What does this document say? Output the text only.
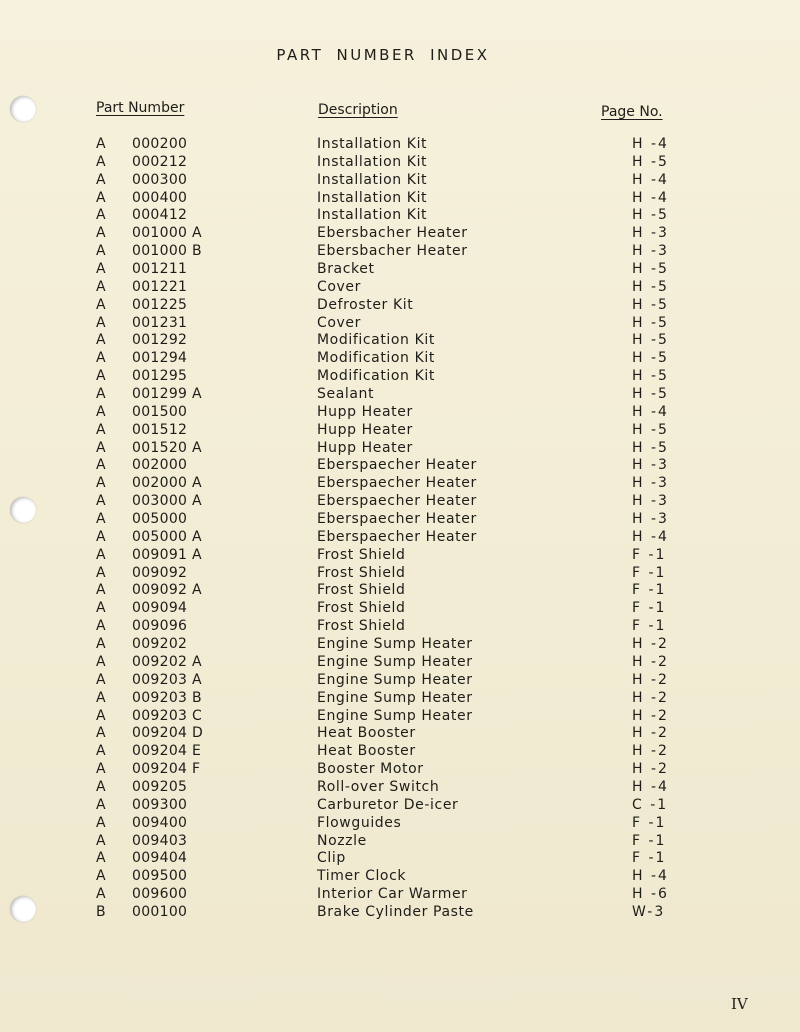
PART NUMBER INDEX
Part Number	Description	Page No.
A 000200	Installation Kit	H -4
A 000212	Installation Kit	H -5
A 000300	Installation Kit	H -4
A 000400	Installation Kit	H -4
A 000412	Installation Kit	H -5
A 001000 A	Ebersbacher Heater	H -3
A 001000 B	Ebersbacher Heater	H -3
A 001211	Bracket	H -5
A 001221	Cover	H -5
A 001225	Defroster Kit	H -5
A 001231	Cover	H -5
A 001292	Modification Kit	H -5
A 001294	Modification Kit	H -5
A 001295	Modification Kit	H -5
A 001299 A	Sealant	H -5
A 001500	Hupp Heater	H -4
A 001512	Hupp Heater	H -5
A 001520 A	Hupp Heater	H -5
A 002000	Eberspaecher Heater	H -3
A 002000 A	Eberspaecher Heater	H -3
A 003000 A	Eberspaecher Heater	H -3
A 005000	Eberspaecher Heater	H -3
A 005000 A	Eberspaecher Heater	H -4
A 009091 A	Frost Shield	F -1
A 009092	Frost Shield	F -1
A 009092 A	Frost Shield	F -1
A 009094	Frost Shield	F -1
A 009096	Frost Shield	F -1
A 009202	Engine Sump Heater	H -2
A 009202 A	Engine Sump Heater	H -2
A 009203 A	Engine Sump Heater	H -2
A 009203 B	Engine Sump Heater	H -2
A 009203 C	Engine Sump Heater	H -2
A 009204 D	Heat Booster	H -2
A 009204 E	Heat Booster	H -2
A 009204 F	Booster Motor	H -2
A 009205	Roll-over Switch	H -4
A 009300	Carburetor De-icer	C -1
A 009400	Flowguides	F -1
A 009403	Nozzle	F -1
A 009404	Clip	F -1
A 009500	Timer Clock	H -4
A 009600	Interior Car Warmer	H -6
B 000100	Brake Cylinder Paste	W-3
IV
